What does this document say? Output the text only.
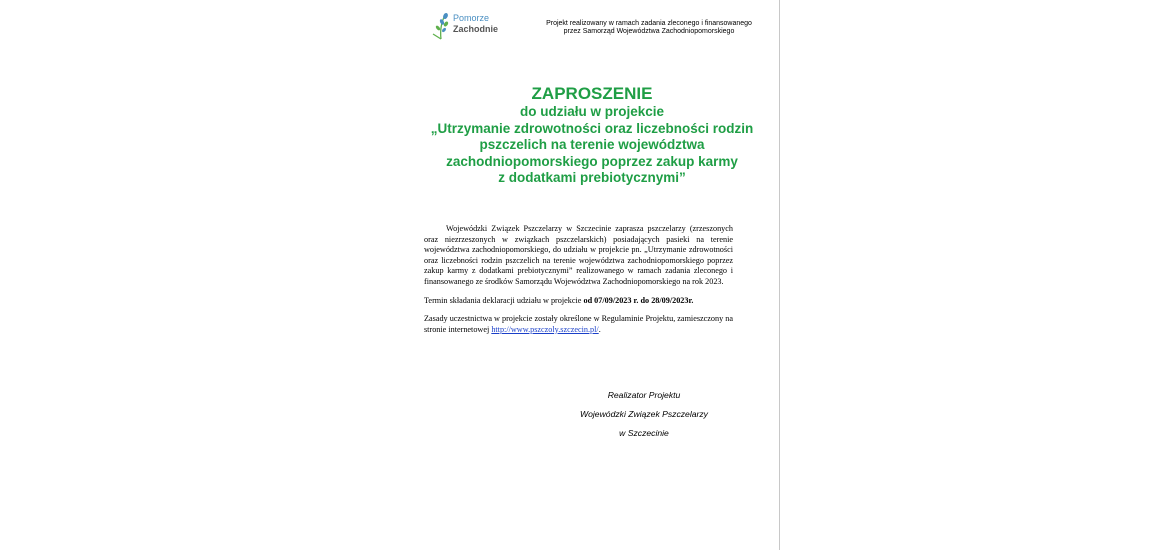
Pomorze
Zachodnie
Projekt realizowany w ramach zadania zleconego i finansowanego
przez Samorząd Województwa Zachodniopomorskiego
ZAPROSZENIE
do udziału w projekcie
„Utrzymanie zdrowotności oraz liczebności rodzin
pszczelich na terenie województwa
zachodniopomorskiego poprzez zakup karmy
z dodatkami prebiotycznymi”

Wojewódzki Związek Pszczelarzy w Szczecinie zaprasza pszczelarzy (zrzeszonych oraz niezrzeszonych w związkach pszczelarskich) posiadających pasieki na terenie województwa zachodniopomorskiego, do udziału w projekcie pn. „Utrzymanie zdrowotności oraz liczebności rodzin pszczelich na terenie województwa zachodniopomorskiego poprzez zakup karmy z dodatkami prebiotycznymi” realizowanego w ramach zadania zleconego i finansowanego ze środków Samorządu Województwa Zachodniopomorskiego na rok 2023.

Termin składania deklaracji udziału w projekcie od 07/09/2023 r. do 28/09/2023r.

Zasady uczestnictwa w projekcie zostały określone w Regulaminie Projektu, zamieszczony na stronie internetowej http://www.pszczoly.szczecin.pl/.

Realizator Projektu
Wojewódzki Związek Pszczelarzy
w Szczecinie
